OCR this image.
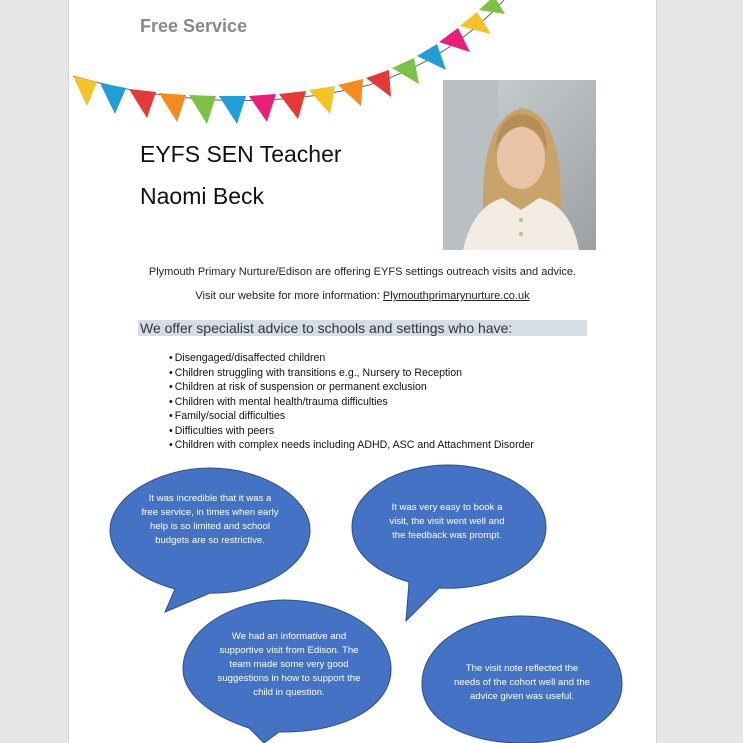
Free Service
EYFS SEN Teacher
Naomi Beck
Plymouth Primary Nurture/Edison are offering EYFS settings outreach visits and advice.
Visit our website for more information: Plymouthprimarynurture.co.uk
We offer specialist advice to schools and settings who have:
• Disengaged/disaffected children
• Children struggling with transitions e.g., Nursery to Reception
• Children at risk of suspension or permanent exclusion
• Children with mental health/trauma difficulties
• Family/social difficulties
• Difficulties with peers
• Children with complex needs including ADHD, ASC and Attachment Disorder
It was incredible that it was a free service, in times when early help is so limited and school budgets are so restrictive.
It was very easy to book a visit, the visit went well and the feedback was prompt.
We had an informative and supportive visit from Edison. The team made some very good suggestions in how to support the child in question.
The visit note reflected the needs of the cohort well and the advice given was useful.
